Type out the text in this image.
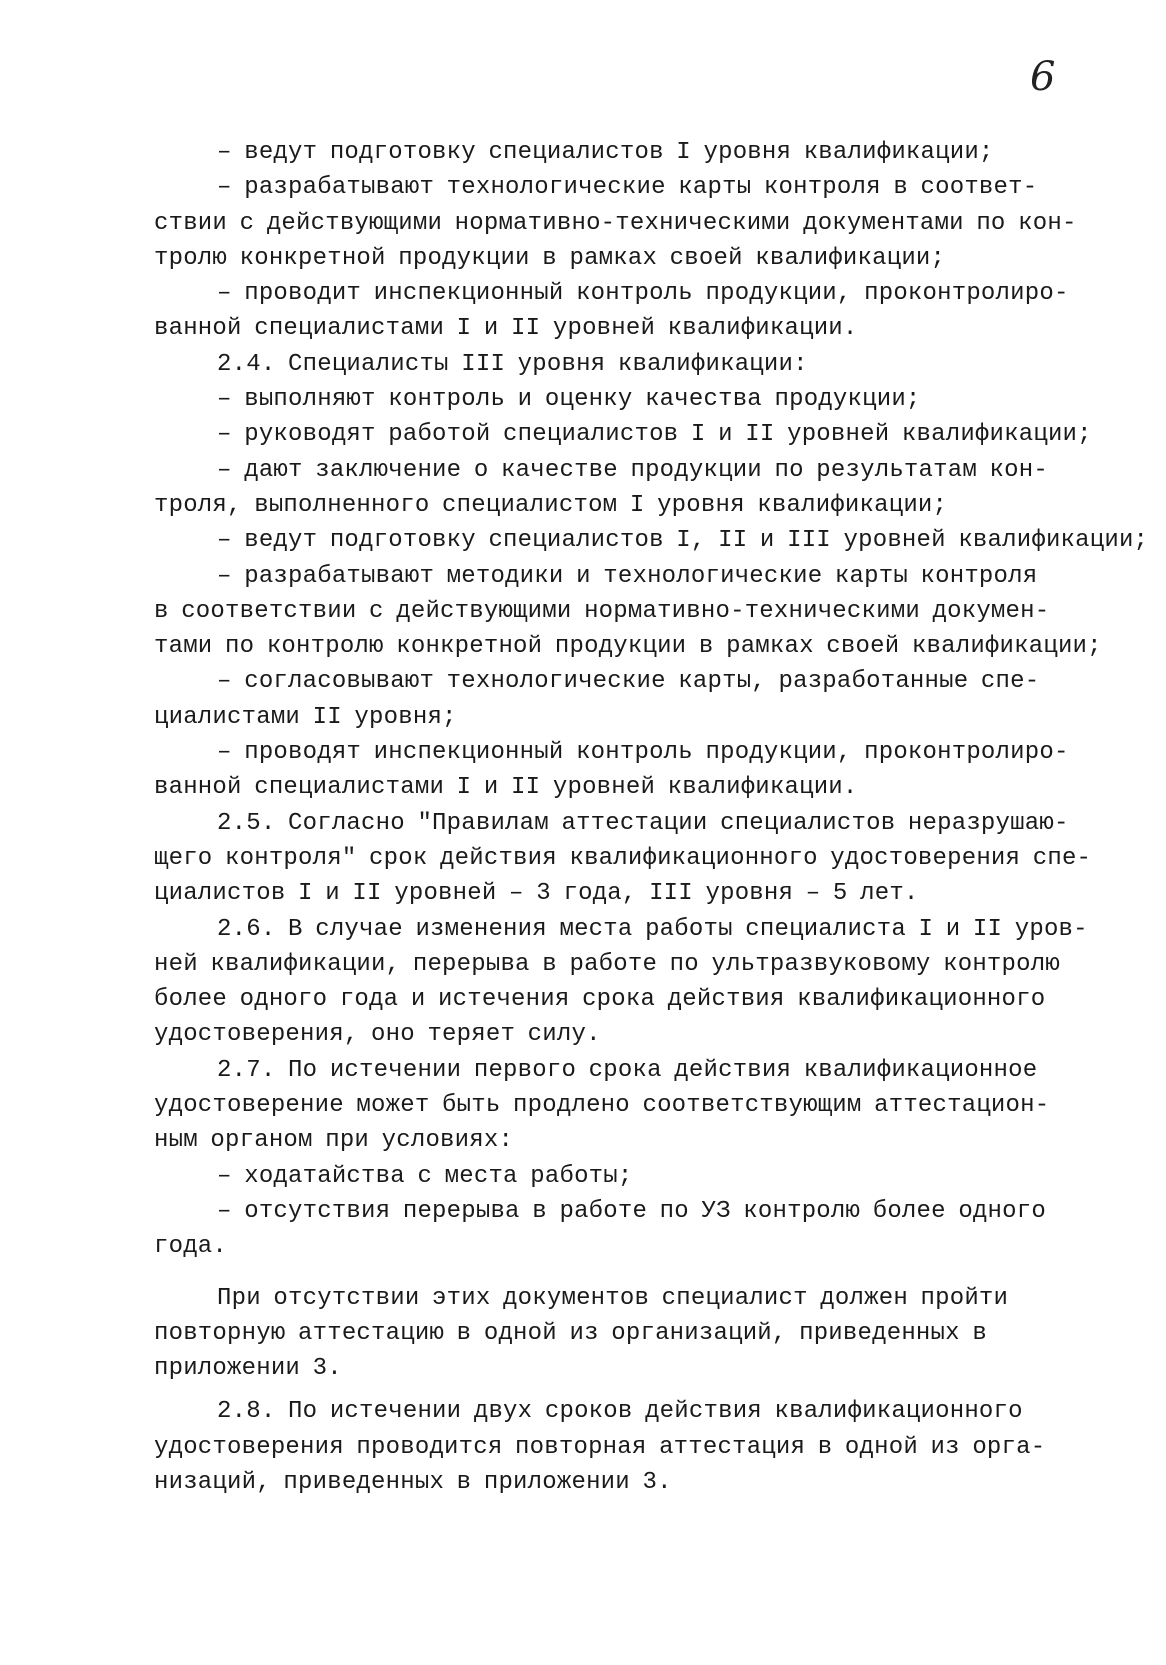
6
– ведут подготовку специалистов I уровня квалификации;
– разрабатывают технологические карты контроля в соответ-
ствии с действующими нормативно-техническими документами по кон-
тролю конкретной продукции в рамках своей квалификации;
– проводит инспекционный контроль продукции, проконтролиро-
ванной специалистами I и II уровней квалификации.
2.4. Специалисты III уровня квалификации:
– выполняют контроль и оценку качества продукции;
– руководят работой специалистов I и II уровней квалификации;
– дают заключение о качестве продукции по результатам кон-
троля, выполненного специалистом I уровня квалификации;
– ведут подготовку специалистов I, II и III уровней квалификации;
– разрабатывают методики и технологические карты контроля
в соответствии с действующими нормативно-техническими докумен-
тами по контролю конкретной продукции в рамках своей квалификации;
– согласовывают технологические карты, разработанные спе-
циалистами II уровня;
– проводят инспекционный контроль продукции, проконтролиро-
ванной специалистами I и II уровней квалификации.
2.5. Согласно "Правилам аттестации специалистов неразрушаю-
щего контроля" срок действия квалификационного удостоверения спе-
циалистов I и II уровней – 3 года, III уровня – 5 лет.
2.6. В случае изменения места работы специалиста I и II уров-
ней квалификации, перерыва в работе по ультразвуковому контролю
более одного года и истечения срока действия квалификационного
удостоверения, оно теряет силу.
2.7. По истечении первого срока действия квалификационное
удостоверение может быть продлено соответствующим аттестацион-
ным органом при условиях:
– ходатайства с места работы;
– отсутствия перерыва в работе по УЗ контролю более одного
года.
При отсутствии этих документов специалист должен пройти
повторную аттестацию в одной из организаций, приведенных в
приложении 3.
2.8. По истечении двух сроков действия квалификационного
удостоверения проводится повторная аттестация в одной из орга-
низаций, приведенных в приложении 3.
